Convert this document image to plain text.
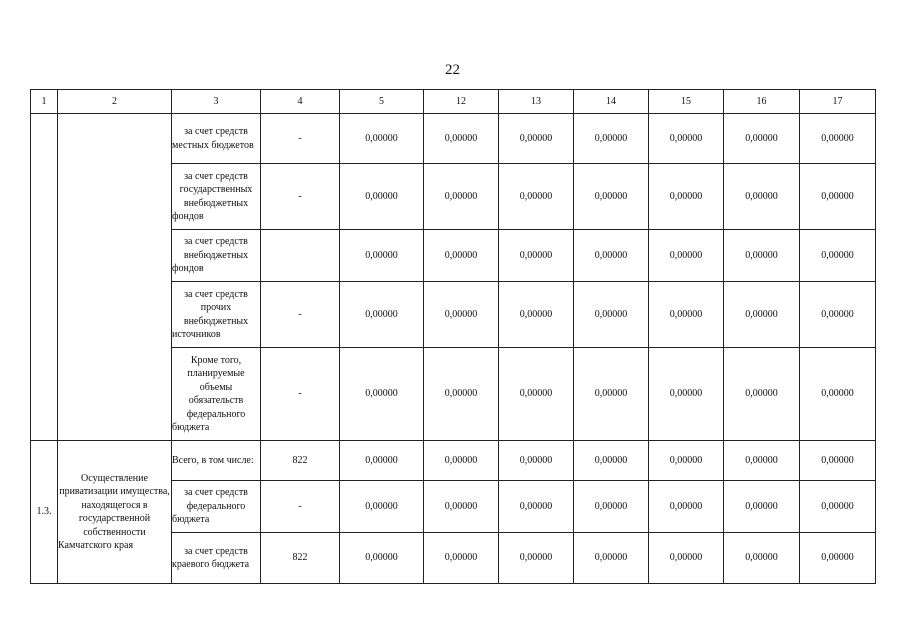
22
1	2	3	4	5	12	13	14	15	16	17
		за счет средств местных бюджетов	-	0,00000	0,00000	0,00000	0,00000	0,00000	0,00000	0,00000
		за счет средств государственных внебюджетных фондов	-	0,00000	0,00000	0,00000	0,00000	0,00000	0,00000	0,00000
		за счет средств внебюджетных фондов		0,00000	0,00000	0,00000	0,00000	0,00000	0,00000	0,00000
		за счет средств прочих внебюджетных источников	-	0,00000	0,00000	0,00000	0,00000	0,00000	0,00000	0,00000
		Кроме того, планируемые объемы обязательств федерального бюджета	-	0,00000	0,00000	0,00000	0,00000	0,00000	0,00000	0,00000
1.3.	Осуществление приватизации имущества, находящегося в государственной собственности Камчатского края	Всего, в том числе:	822	0,00000	0,00000	0,00000	0,00000	0,00000	0,00000	0,00000
		за счет средств федерального бюджета	-	0,00000	0,00000	0,00000	0,00000	0,00000	0,00000	0,00000
		за счет средств краевого бюджета	822	0,00000	0,00000	0,00000	0,00000	0,00000	0,00000	0,00000
